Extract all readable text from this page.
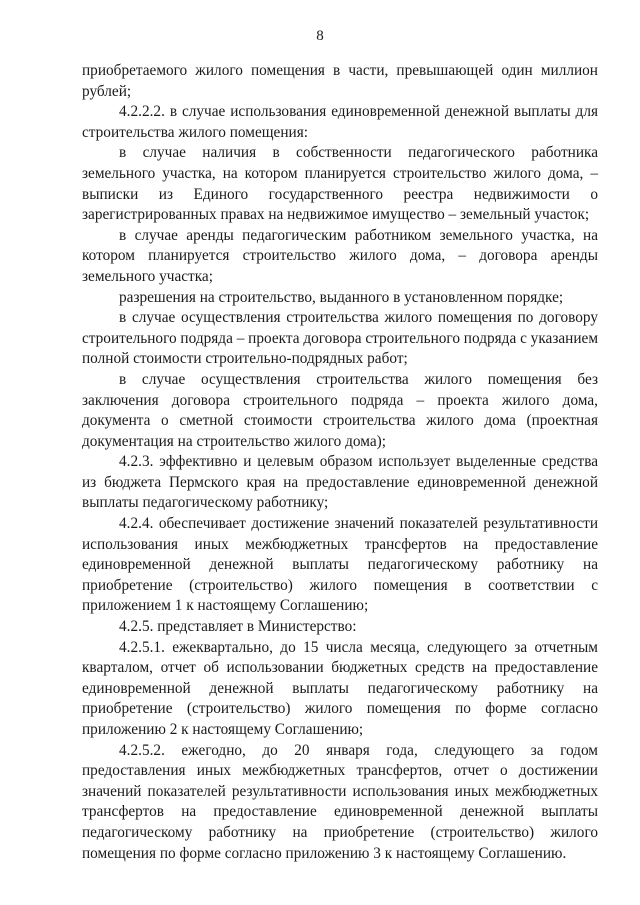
8

приобретаемого жилого помещения в части, превышающей один миллион рублей;

4.2.2.2. в случае использования единовременной денежной выплаты для строительства жилого помещения:

в случае наличия в собственности педагогического работника земельного участка, на котором планируется строительство жилого дома, – выписки из Единого государственного реестра недвижимости о зарегистрированных правах на недвижимое имущество – земельный участок;

в случае аренды педагогическим работником земельного участка, на котором планируется строительство жилого дома, – договора аренды земельного участка;

разрешения на строительство, выданного в установленном порядке;

в случае осуществления строительства жилого помещения по договору строительного подряда – проекта договора строительного подряда с указанием полной стоимости строительно-подрядных работ;

в случае осуществления строительства жилого помещения без заключения договора строительного подряда – проекта жилого дома, документа о сметной стоимости строительства жилого дома (проектная документация на строительство жилого дома);

4.2.3. эффективно и целевым образом использует выделенные средства из бюджета Пермского края на предоставление единовременной денежной выплаты педагогическому работнику;

4.2.4. обеспечивает достижение значений показателей результативности использования иных межбюджетных трансфертов на предоставление единовременной денежной выплаты педагогическому работнику на приобретение (строительство) жилого помещения в соответствии с приложением 1 к настоящему Соглашению;

4.2.5. представляет в Министерство:

4.2.5.1. ежеквартально, до 15 числа месяца, следующего за отчетным кварталом, отчет об использовании бюджетных средств на предоставление единовременной денежной выплаты педагогическому работнику на приобретение (строительство) жилого помещения по форме согласно приложению 2 к настоящему Соглашению;

4.2.5.2. ежегодно, до 20 января года, следующего за годом предоставления иных межбюджетных трансфертов, отчет о достижении значений показателей результативности использования иных межбюджетных трансфертов на предоставление единовременной денежной выплаты педагогическому работнику на приобретение (строительство) жилого помещения по форме согласно приложению 3 к настоящему Соглашению.
